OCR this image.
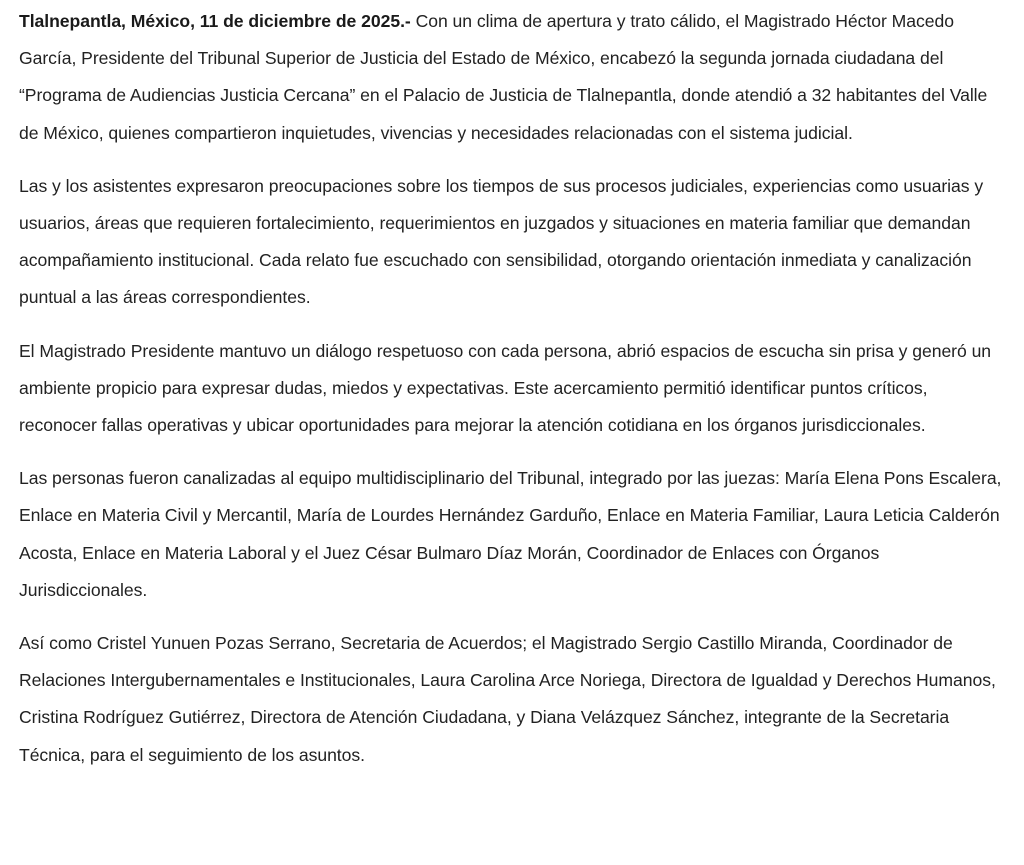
Tlalnepantla, México, 11 de diciembre de 2025.- Con un clima de apertura y trato cálido, el Magistrado Héctor Macedo García, Presidente del Tribunal Superior de Justicia del Estado de México, encabezó la segunda jornada ciudadana del “Programa de Audiencias Justicia Cercana” en el Palacio de Justicia de Tlalnepantla, donde atendió a 32 habitantes del Valle de México, quienes compartieron inquietudes, vivencias y necesidades relacionadas con el sistema judicial.

Las y los asistentes expresaron preocupaciones sobre los tiempos de sus procesos judiciales, experiencias como usuarias y usuarios, áreas que requieren fortalecimiento, requerimientos en juzgados y situaciones en materia familiar que demandan acompañamiento institucional. Cada relato fue escuchado con sensibilidad, otorgando orientación inmediata y canalización puntual a las áreas correspondientes.

El Magistrado Presidente mantuvo un diálogo respetuoso con cada persona, abrió espacios de escucha sin prisa y generó un ambiente propicio para expresar dudas, miedos y expectativas. Este acercamiento permitió identificar puntos críticos, reconocer fallas operativas y ubicar oportunidades para mejorar la atención cotidiana en los órganos jurisdiccionales.

Las personas fueron canalizadas al equipo multidisciplinario del Tribunal, integrado por las juezas: María Elena Pons Escalera, Enlace en Materia Civil y Mercantil, María de Lourdes Hernández Garduño, Enlace en Materia Familiar, Laura Leticia Calderón Acosta, Enlace en Materia Laboral y el Juez César Bulmaro Díaz Morán, Coordinador de Enlaces con Órganos Jurisdiccionales.

Así como Cristel Yunuen Pozas Serrano, Secretaria de Acuerdos; el Magistrado Sergio Castillo Miranda, Coordinador de Relaciones Intergubernamentales e Institucionales, Laura Carolina Arce Noriega, Directora de Igualdad y Derechos Humanos, Cristina Rodríguez Gutiérrez, Directora de Atención Ciudadana, y Diana Velázquez Sánchez, integrante de la Secretaria Técnica, para el seguimiento de los asuntos.
